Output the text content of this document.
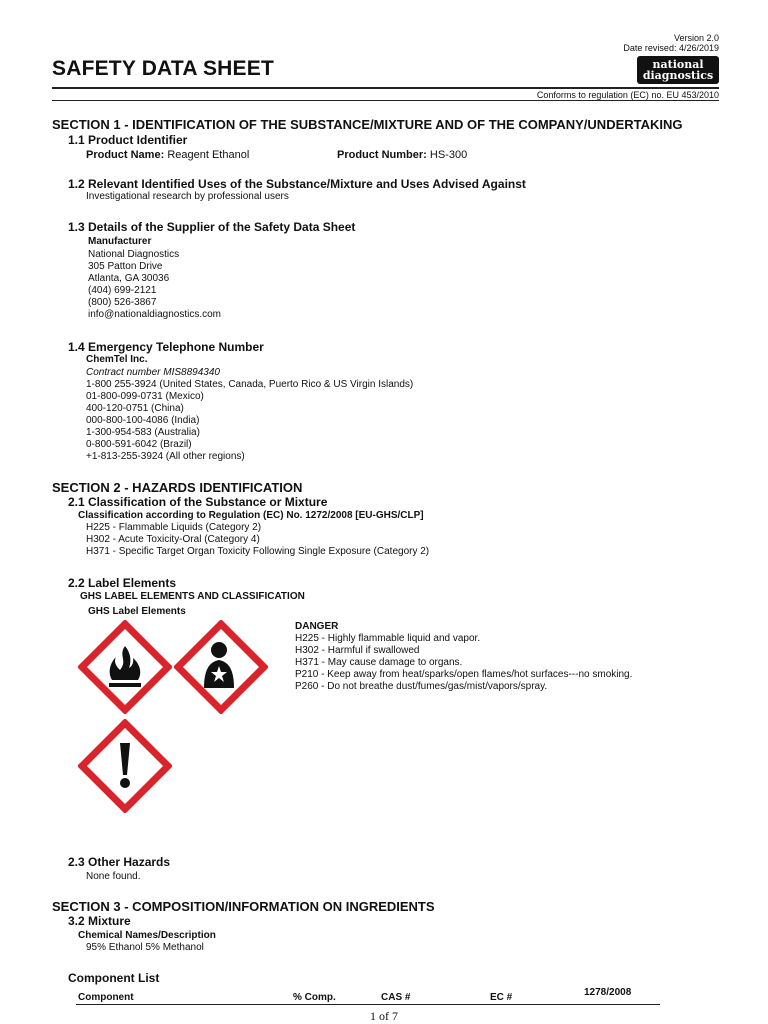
Version 2.0
Date revised: 4/26/2019
SAFETY DATA SHEET	national
diagnostics
Conforms to regulation (EC) no. EU 453/2010
SECTION 1 - IDENTIFICATION OF THE SUBSTANCE/MIXTURE AND OF THE COMPANY/UNDERTAKING
1.1 Product Identifier
Product Name: Reagent Ethanol	Product Number: HS-300
1.2 Relevant Identified Uses of the Substance/Mixture and Uses Advised Against
Investigational research by professional users
1.3 Details of the Supplier of the Safety Data Sheet
Manufacturer
National Diagnostics
305 Patton Drive
Atlanta, GA 30036
(404) 699-2121
(800) 526-3867
info@nationaldiagnostics.com
1.4 Emergency Telephone Number
ChemTel Inc.
Contract number MIS8894340
1-800 255-3924 (United States, Canada, Puerto Rico & US Virgin Islands)
01-800-099-0731 (Mexico)
400-120-0751 (China)
000-800-100-4086 (India)
1-300-954-583 (Australia)
0-800-591-6042 (Brazil)
+1-813-255-3924 (All other regions)
SECTION 2 - HAZARDS IDENTIFICATION
2.1 Classification of the Substance or Mixture
Classification according to Regulation (EC) No. 1272/2008 [EU-GHS/CLP]
H225 - Flammable Liquids (Category 2)
H302 - Acute Toxicity-Oral (Category 4)
H371 - Specific Target Organ Toxicity Following Single Exposure (Category 2)
2.2 Label Elements
GHS LABEL ELEMENTS AND CLASSIFICATION
GHS Label Elements
DANGER
H225 - Highly flammable liquid and vapor.
H302 - Harmful if swallowed
H371 - May cause damage to organs.
P210 - Keep away from heat/sparks/open flames/hot surfaces---no smoking.
P260 - Do not breathe dust/fumes/gas/mist/vapors/spray.
2.3 Other Hazards
None found.
SECTION 3 - COMPOSITION/INFORMATION ON INGREDIENTS
3.2 Mixture
Chemical Names/Description
95% Ethanol 5% Methanol
Component List
Component	% Comp.	CAS #	EC #	1278/2008
1 of 7
